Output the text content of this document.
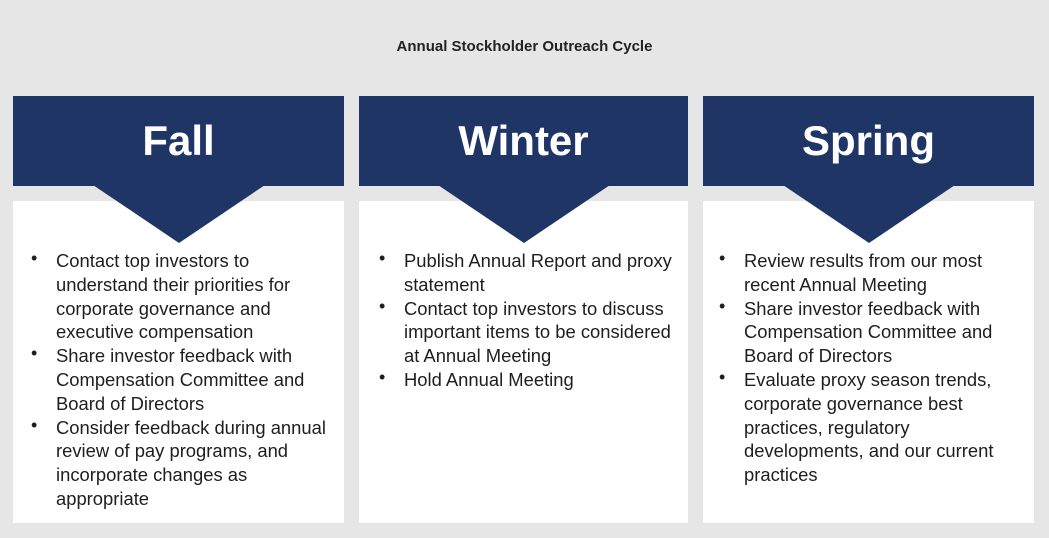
Annual Stockholder Outreach Cycle
Fall
• Contact top investors to understand their priorities for corporate governance and executive compensation
• Share investor feedback with Compensation Committee and Board of Directors
• Consider feedback during annual review of pay programs, and incorporate changes as appropriate
Winter
• Publish Annual Report and proxy statement
• Contact top investors to discuss important items to be considered at Annual Meeting
• Hold Annual Meeting
Spring
• Review results from our most recent Annual Meeting
• Share investor feedback with Compensation Committee and Board of Directors
• Evaluate proxy season trends, corporate governance best practices, regulatory developments, and our current practices
